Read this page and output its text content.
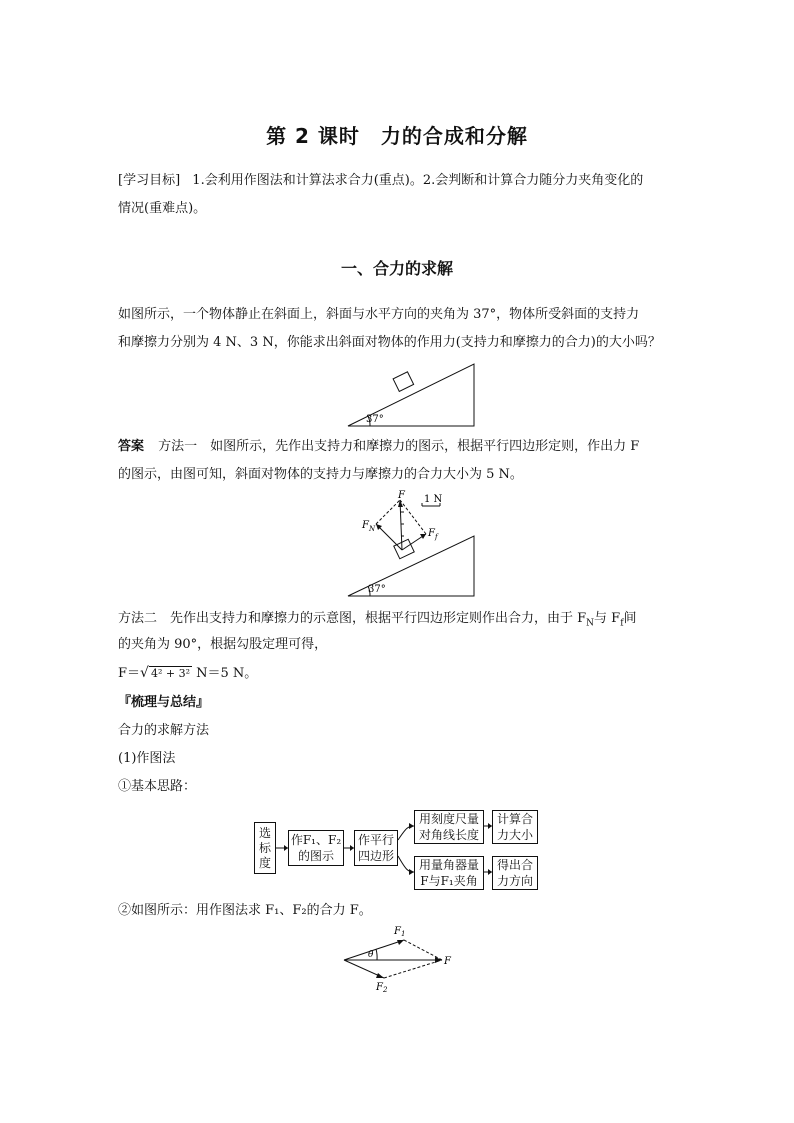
第 2 课时　力的合成和分解
[学习目标] 1.会利用作图法和计算法求合力(重点)。2.会判断和计算合力随分力夹角变化的
情况(重难点)。
一、合力的求解
如图所示，一个物体静止在斜面上，斜面与水平方向的夹角为 37°，物体所受斜面的支持力
和摩擦力分别为 4 N、3 N，你能求出斜面对物体的作用力(支持力和摩擦力的合力)的大小吗？
37°
答案 方法一　如图所示，先作出支持力和摩擦力的图示，根据平行四边形定则，作出力 F
的图示，由图可知，斜面对物体的支持力与摩擦力的合力大小为 5 N。
F
$F_N$	$F_f$
1 N
37°
方法二　先作出支持力和摩擦力的示意图，根据平行四边形定则作出合力，由于 $F_N$与 $F_f$间
的夹角为 90°，根据勾股定理可得，
F＝√ 4² + 3² N＝5 N。
『梳理与总结』
合力的求解方法
(1)作图法
①基本思路：
选
标
度
作F₁、F₂
的图示
作平行
四边形
用刻度尺量
对角线长度
计算合
力大小
用量角器量
F与F₁夹角
得出合
力方向
②如图所示：用作图法求 F₁、F₂的合力 F。
$F_1$
$F_2$
F
θ
